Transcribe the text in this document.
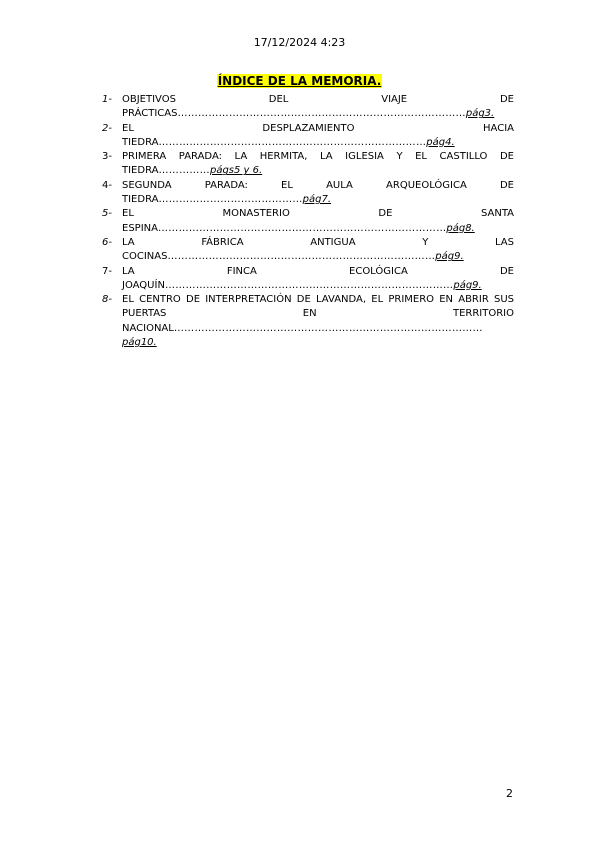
17/12/2024 4:23
ÍNDICE DE LA MEMORIA.
1- OBJETIVOS DEL VIAJE DE PRÁCTICAS…………………………………………………………………………pág3.
2- EL DESPLAZAMIENTO HACIA TIEDRA……………………………………………………………………pág4.
3- PRIMERA PARADA: LA HERMITA, LA IGLESIA Y EL CASTILLO DE TIEDRA……………págs5 y 6.
4- SEGUNDA PARADA: EL AULA ARQUEOLÓGICA DE TIEDRA……………………………………pág7.
5- EL MONASTERIO DE SANTA ESPINA…………………………………………………………………………pág8.
6- LA FÁBRICA ANTIGUA Y LAS COCINAS……………………………………………………………………pág9.
7- LA FINCA ECOLÓGICA DE JOAQUÍN…………………………………………………………………………pág9.
8- EL CENTRO DE INTERPRETACIÓN DE LAVANDA, EL PRIMERO EN ABRIR SUS PUERTAS EN TERRITORIO NACIONAL………………………………………………………………………………pág10.
2
